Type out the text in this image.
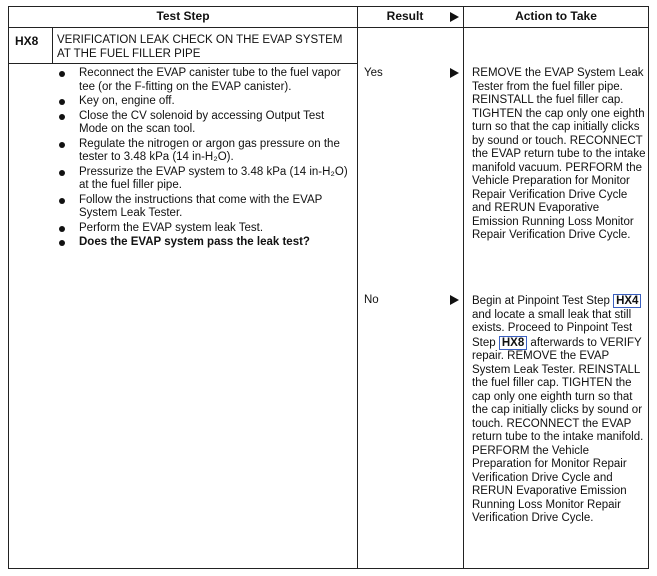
Test Step	Result	Action to Take
HX8 VERIFICATION LEAK CHECK ON THE EVAP SYSTEM AT THE FUEL FILLER PIPE
Reconnect the EVAP canister tube to the fuel vapor tee (or the F-fitting on the EVAP canister).
Key on, engine off.
Close the CV solenoid by accessing Output Test Mode on the scan tool.
Regulate the nitrogen or argon gas pressure on the tester to 3.48 kPa (14 in-H₂O).
Pressurize the EVAP system to 3.48 kPa (14 in-H₂O) at the fuel filler pipe.
Follow the instructions that come with the EVAP System Leak Tester.
Perform the EVAP system leak Test.
Does the EVAP system pass the leak test?
Yes	REMOVE the EVAP System Leak Tester from the fuel filler pipe. REINSTALL the fuel filler cap. TIGHTEN the cap only one eighth turn so that the cap initially clicks by sound or touch. RECONNECT the EVAP return tube to the intake manifold vacuum. PERFORM the Vehicle Preparation for Monitor Repair Verification Drive Cycle and RERUN Evaporative Emission Running Loss Monitor Repair Verification Drive Cycle.
No	Begin at Pinpoint Test Step HX4 and locate a small leak that still exists. Proceed to Pinpoint Test Step HX8 afterwards to VERIFY repair. REMOVE the EVAP System Leak Tester. REINSTALL the fuel filler cap. TIGHTEN the cap only one eighth turn so that the cap initially clicks by sound or touch. RECONNECT the EVAP return tube to the intake manifold. PERFORM the Vehicle Preparation for Monitor Repair Verification Drive Cycle and RERUN Evaporative Emission Running Loss Monitor Repair Verification Drive Cycle.
